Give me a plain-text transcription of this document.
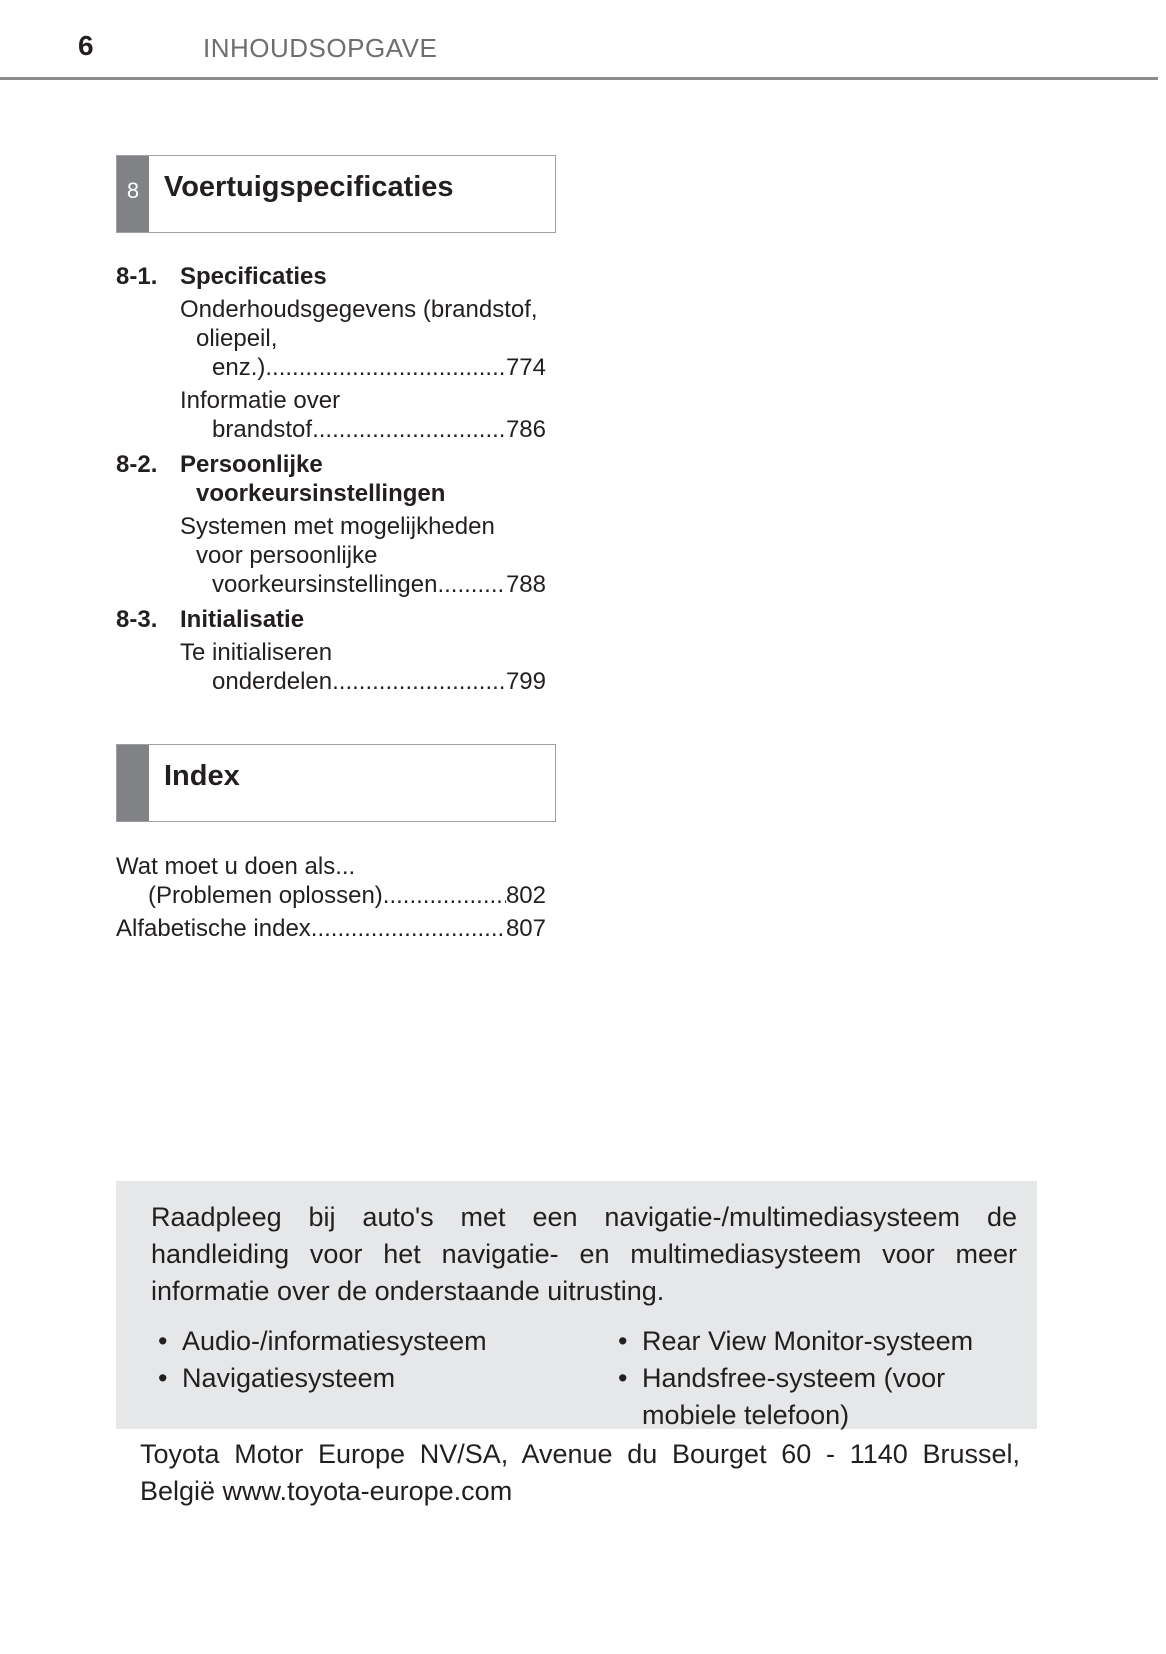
6	INHOUDSOPGAVE
8 Voertuigspecificaties
8-1. Specificaties
Onderhoudsgegevens (brandstof, oliepeil,
enz.) .....	774
Informatie over
brandstof .....	786
8-2. Persoonlijke voorkeursinstellingen
Systemen met mogelijkheden voor persoonlijke
voorkeursinstellingen .....	788
8-3. Initialisatie
Te initialiseren
onderdelen .....	799
Index
Wat moet u doen als...
(Problemen oplossen) .....	802
Alfabetische index .....	807
Raadpleeg bij auto's met een navigatie-/multimediasysteem de handleiding voor het navigatie- en multimediasysteem voor meer informatie over de onderstaande uitrusting.
• Audio-/informatiesysteem
• Navigatiesysteem
• Rear View Monitor-systeem
• Handsfree-systeem (voor mobiele telefoon)
Toyota Motor Europe NV/SA, Avenue du Bourget 60 - 1140 Brussel, België www.toyota-europe.com
